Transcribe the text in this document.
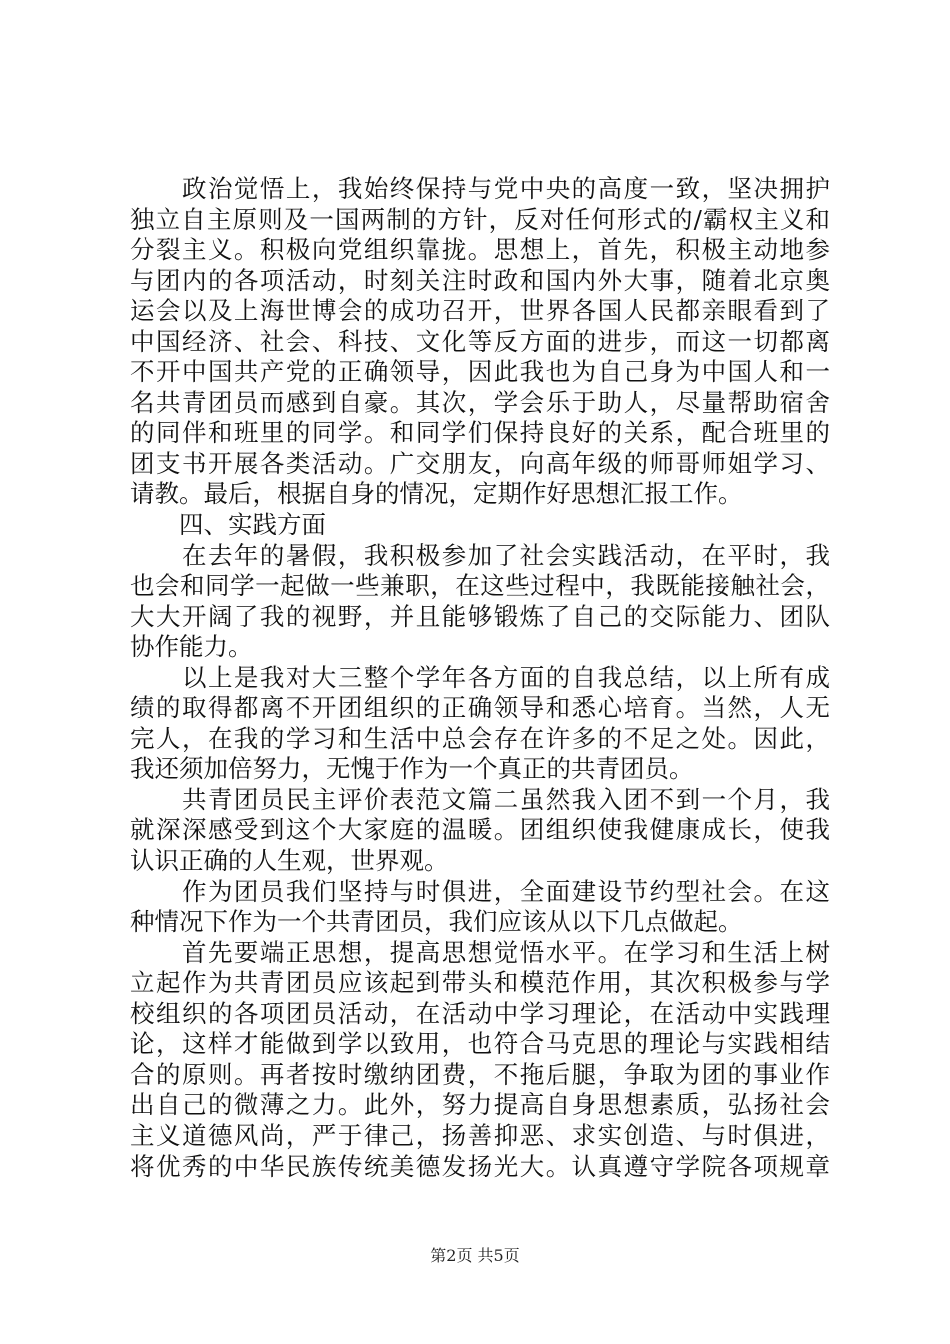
　　政治觉悟上，我始终保持与党中央的高度一致，坚决拥护
独立自主原则及一国两制的方针，反对任何形式的/霸权主义和
分裂主义。积极向党组织靠拢。思想上，首先，积极主动地参
与团内的各项活动，时刻关注时政和国内外大事，随着北京奥
运会以及上海世博会的成功召开，世界各国人民都亲眼看到了
中国经济、社会、科技、文化等反方面的进步，而这一切都离
不开中国共产党的正确领导，因此我也为自己身为中国人和一
名共青团员而感到自豪。其次，学会乐于助人，尽量帮助宿舍
的同伴和班里的同学。和同学们保持良好的关系，配合班里的
团支书开展各类活动。广交朋友，向高年级的师哥师姐学习、
请教。最后，根据自身的情况，定期作好思想汇报工作。
　　四、实践方面
　　在去年的暑假，我积极参加了社会实践活动，在平时，我
也会和同学一起做一些兼职，在这些过程中，我既能接触社会，
大大开阔了我的视野，并且能够锻炼了自己的交际能力、团队
协作能力。
　　以上是我对大三整个学年各方面的自我总结，以上所有成
绩的取得都离不开团组织的正确领导和悉心培育。当然，人无
完人，在我的学习和生活中总会存在许多的不足之处。因此，
我还须加倍努力，无愧于作为一个真正的共青团员。
　　共青团员民主评价表范文篇二虽然我入团不到一个月，我
就深深感受到这个大家庭的温暖。团组织使我健康成长，使我
认识正确的人生观，世界观。
　　作为团员我们坚持与时俱进，全面建设节约型社会。在这
种情况下作为一个共青团员，我们应该从以下几点做起。
　　首先要端正思想，提高思想觉悟水平。在学习和生活上树
立起作为共青团员应该起到带头和模范作用，其次积极参与学
校组织的各项团员活动，在活动中学习理论，在活动中实践理
论，这样才能做到学以致用，也符合马克思的理论与实践相结
合的原则。再者按时缴纳团费，不拖后腿，争取为团的事业作
出自己的微薄之力。此外，努力提高自身思想素质，弘扬社会
主义道德风尚，严于律己，扬善抑恶、求实创造、与时俱进，
将优秀的中华民族传统美德发扬光大。认真遵守学院各项规章
第2页 共5页
